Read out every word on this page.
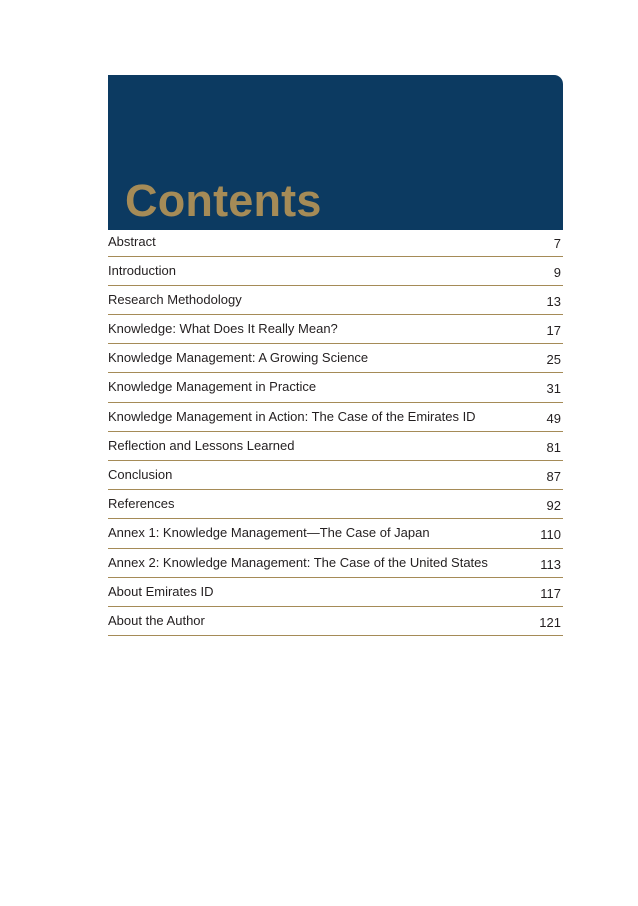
Contents
Abstract	7
Introduction	9
Research Methodology	13
Knowledge: What Does It Really Mean?	17
Knowledge Management: A Growing Science	25
Knowledge Management in Practice	31
Knowledge Management in Action: The Case of the Emirates ID	49
Reflection and Lessons Learned	81
Conclusion	87
References	92
Annex 1: Knowledge Management—The Case of Japan	110
Annex 2: Knowledge Management: The Case of the United States	113
About Emirates ID	117
About the Author	121
